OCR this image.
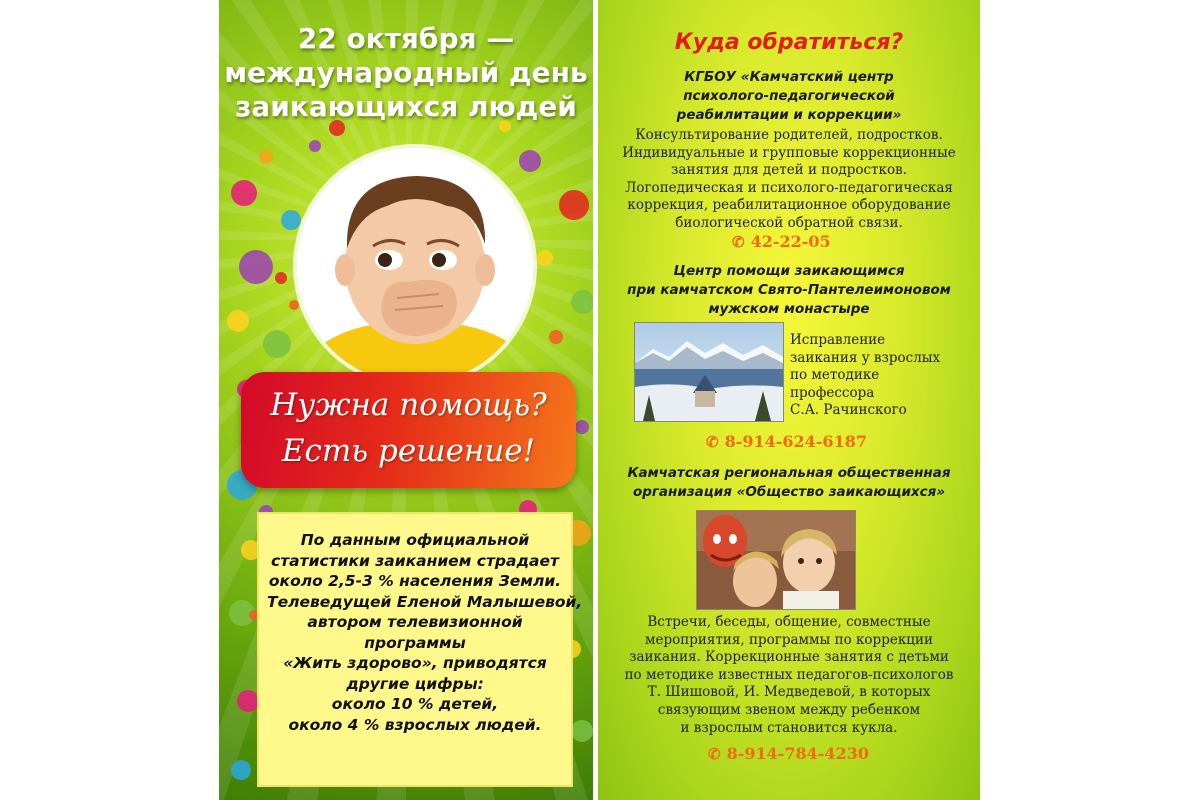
22 октября —
международный день
заикающихся людей
Нужна помощь?
Есть решение!
По данным официальной
статистики заиканием страдает
около 2,5-3 % населения Земли.
Телеведущей Еленой Малышевой,
автором телевизионной
программы
«Жить здорово», приводятся
другие цифры:
около 10 % детей,
около 4 % взрослых людей.
Куда обратиться?
КГБОУ «Камчатский центр
психолого-педагогической
реабилитации и коррекции»
Консультирование родителей, подростков.
Индивидуальные и групповые коррекционные
занятия для детей и подростков.
Логопедическая и психолого-педагогическая
коррекция, реабилитационное оборудование
биологической обратной связи.
✆ 42-22-05
Центр помощи заикающимся
при камчатском Свято-Пантелеимоновом
мужском монастыре
Исправление
заикания у взрослых
по методике
профессора
С.А. Рачинского
✆ 8-914-624-6187
Камчатская региональная общественная
организация «Общество заикающихся»
Встречи, беседы, общение, совместные
мероприятия, программы по коррекции
заикания. Коррекционные занятия с детьми
по методике известных педагогов-психологов
Т. Шишовой, И. Медведевой, в которых
связующим звеном между ребенком
и взрослым становится кукла.
✆ 8-914-784-4230
